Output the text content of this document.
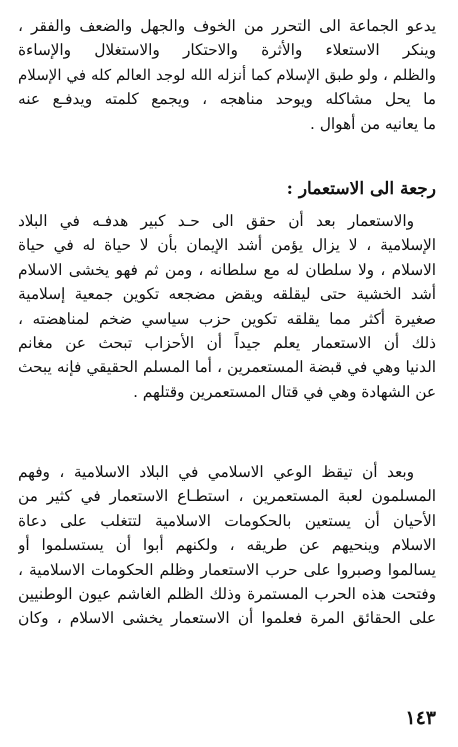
يدعو الجماعة الى التحرر من الخوف والجهل والضعف والفقر ،
وينكر الاستعلاء والأثرة والاحتكار والاستغلال والإساءة
والظلم ، ولو طبق الإسلام كما أنزله الله لوجد العالم كله في الإسلام
ما يحل مشاكله ويوحد مناهجه ، ويجمع كلمته ويدفـع عنه
ما يعانيه من أهوال .
رجعة الى الاستعمار :
والاستعمار بعد أن حقق الى حـد كبير هدفـه في البلاد
الإسلامية ، لا يزال يؤمن أشد الإيمان بأن لا حياة له في حياة
الاسلام ، ولا سلطان له مع سلطانه ، ومن ثم فهو يخشى الاسلام
أشد الخشية حتى ليقلقه ويقض مضجعه تكوين جمعية إسلامية
صغيرة أكثر مما يقلقه تكوين حزب سياسي ضخم لمناهضته ،
ذلك أن الاستعمار يعلم جيداً أن الأحزاب تبحث عن مغانم
الدنيا وهي في قبضة المستعمرين ، أما المسلم الحقيقي فإنه يبحث
عن الشهادة وهي في قتال المستعمرين وقتلهم .
وبعد أن تيقظ الوعي الاسلامي في البلاد الاسلامية ، وفهم
المسلمون لعبة المستعمرين ، استطـاع الاستعمار في كثير من
الأحيان أن يستعين بالحكومات الاسلامية لتتغلب على دعاة
الاسلام وينحيهم عن طريقه ، ولكنهم أبوا أن يستسلموا أو
يسالموا وصبروا على حرب الاستعمار وظلم الحكومات الاسلامية ،
وفتحت هذه الحرب المستمرة وذلك الظلم الغاشم عيون الوطنيين
على الحقائق المرة فعلموا أن الاستعمار يخشى الاسلام ، وكان
١٤٣
